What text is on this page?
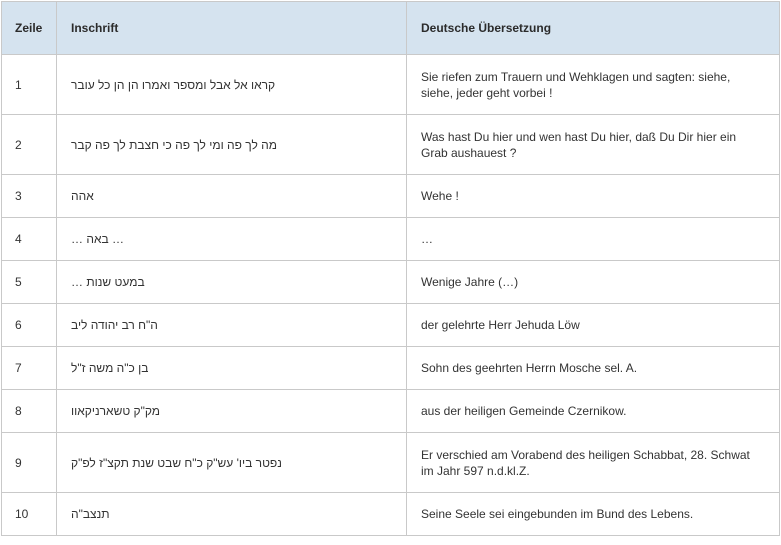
Zeile	Inschrift	Deutsche Übersetzung
1	קראו אל אבל ומספר ואמרו הן הן כל עובר	Sie riefen zum Trauern und Wehklagen und sagten: siehe, siehe, jeder geht vorbei !
2	מה לך פה ומי לך פה כי חצבת לך פה קבר	Was hast Du hier und wen hast Du hier, daß Du Dir hier ein Grab aushauest ?
3	אהה	Wehe !
4	… באה …	…
5	במעט שנות …	Wenige Jahre (…)
6	ה"ח רב יהודה ליב	der gelehrte Herr Jehuda Löw
7	בן כ"ה משה ז"ל	Sohn des geehrten Herrn Mosche sel. A.
8	מק"ק טשארניקאוו	aus der heiligen Gemeinde Czernikow.
9	נפטר ביו' עש"ק כ"ח שבט שנת תקצ"ז לפ"ק	Er verschied am Vorabend des heiligen Schabbat, 28. Schwat im Jahr 597 n.d.kl.Z.
10	תנצב"ה	Seine Seele sei eingebunden im Bund des Lebens.
